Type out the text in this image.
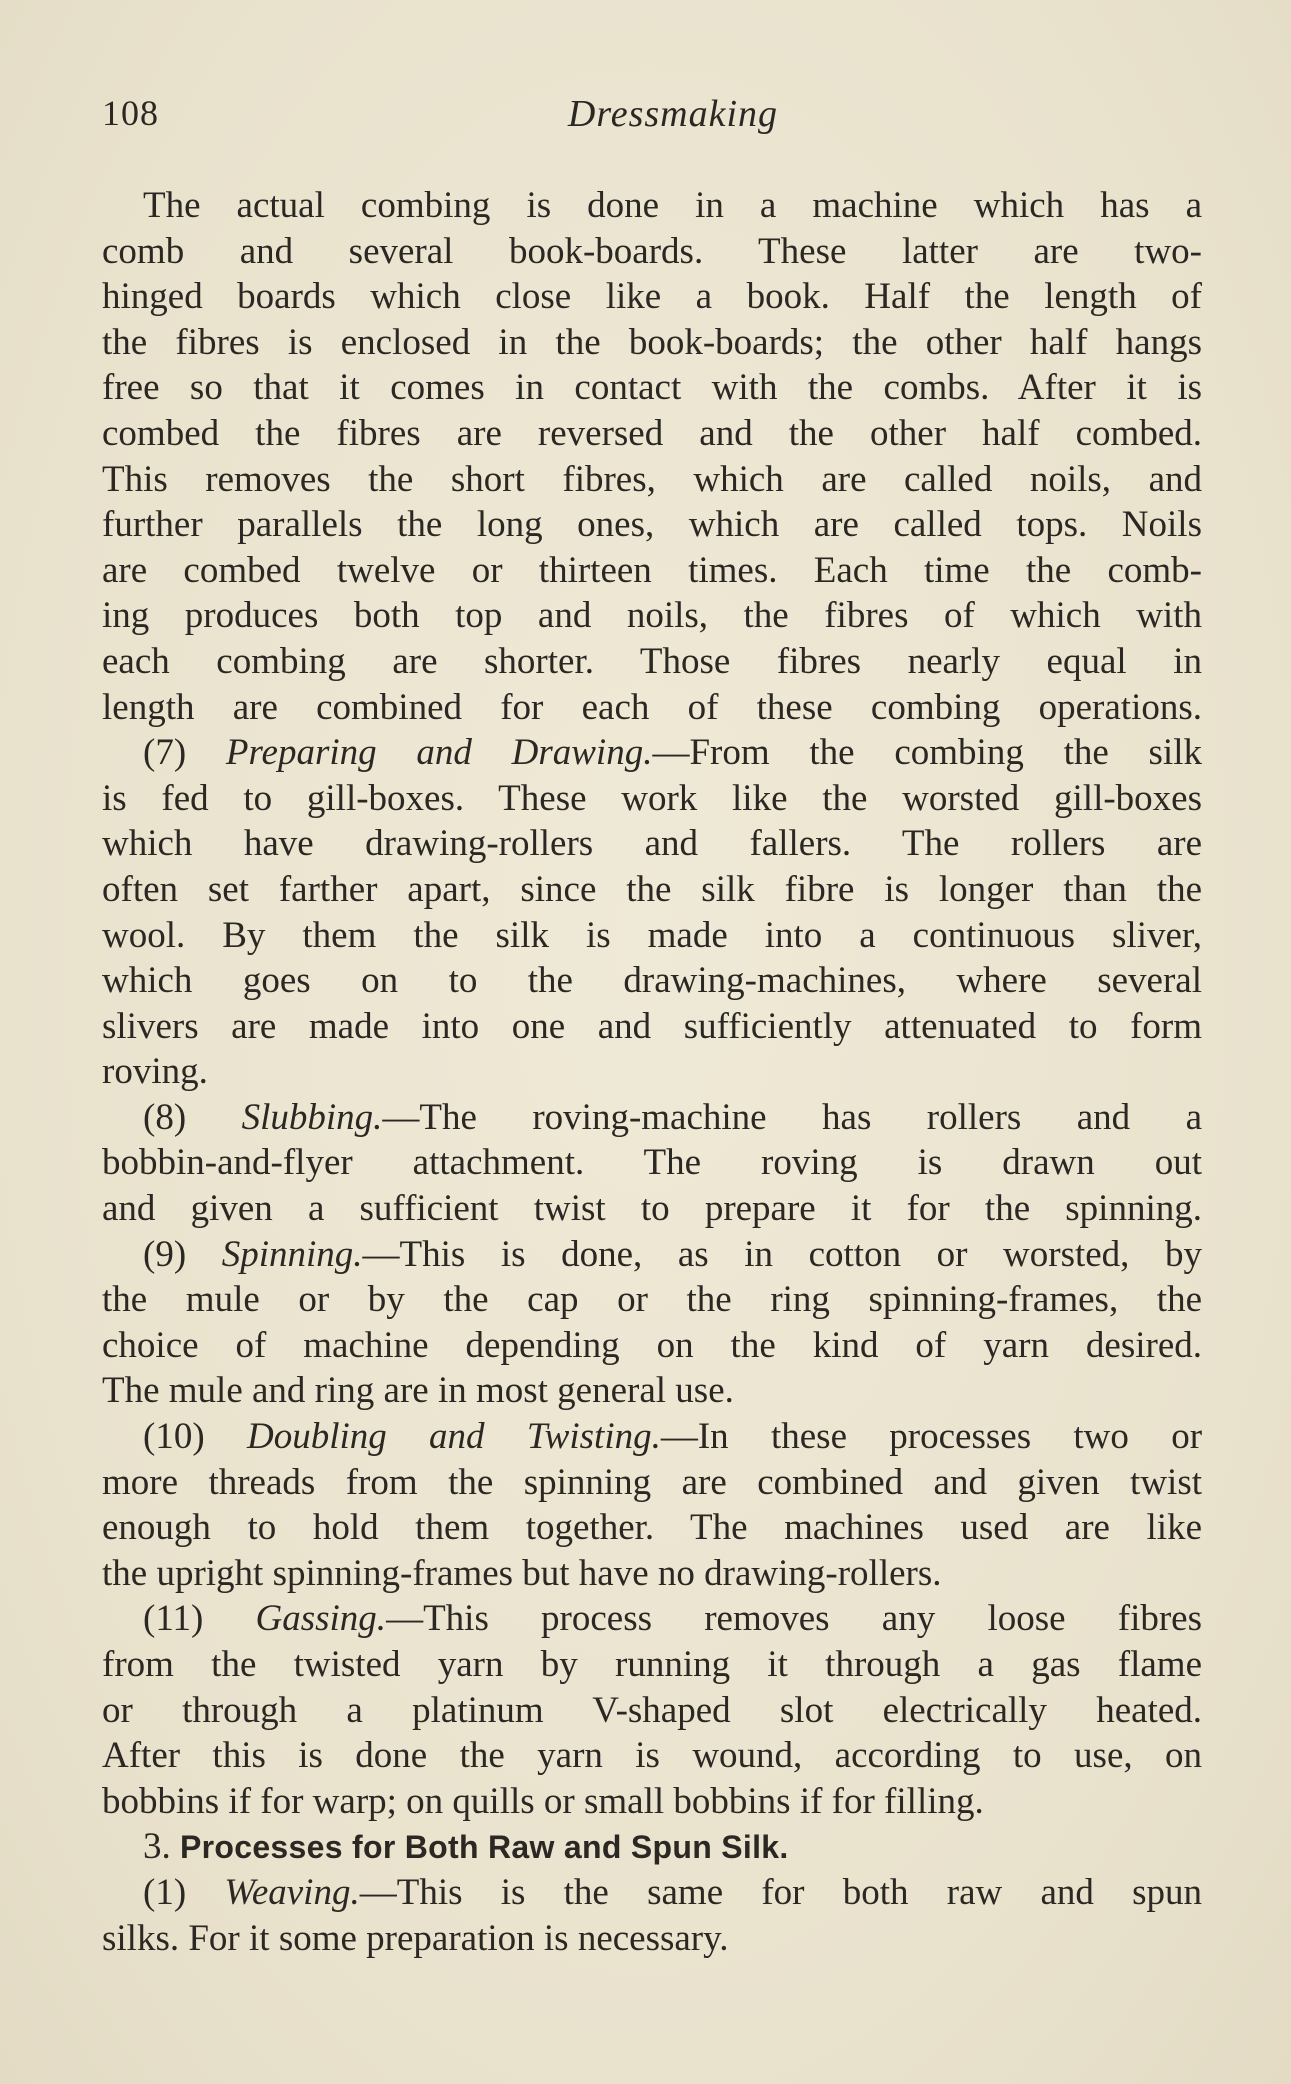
108	Dressmaking
The actual combing is done in a machine which has a
comb and several book-boards. These latter are two-
hinged boards which close like a book. Half the length of
the fibres is enclosed in the book-boards; the other half hangs
free so that it comes in contact with the combs. After it is
combed the fibres are reversed and the other half combed.
This removes the short fibres, which are called noils, and
further parallels the long ones, which are called tops. Noils
are combed twelve or thirteen times. Each time the comb-
ing produces both top and noils, the fibres of which with
each combing are shorter. Those fibres nearly equal in
length are combined for each of these combing operations.
(7) Preparing and Drawing.—From the combing the silk
is fed to gill-boxes. These work like the worsted gill-boxes
which have drawing-rollers and fallers. The rollers are
often set farther apart, since the silk fibre is longer than the
wool. By them the silk is made into a continuous sliver,
which goes on to the drawing-machines, where several
slivers are made into one and sufficiently attenuated to form
roving.
(8) Slubbing.—The roving-machine has rollers and a
bobbin-and-flyer attachment. The roving is drawn out
and given a sufficient twist to prepare it for the spinning.
(9) Spinning.—This is done, as in cotton or worsted, by
the mule or by the cap or the ring spinning-frames, the
choice of machine depending on the kind of yarn desired.
The mule and ring are in most general use.
(10) Doubling and Twisting.—In these processes two or
more threads from the spinning are combined and given twist
enough to hold them together. The machines used are like
the upright spinning-frames but have no drawing-rollers.
(11) Gassing.—This process removes any loose fibres
from the twisted yarn by running it through a gas flame
or through a platinum V-shaped slot electrically heated.
After this is done the yarn is wound, according to use, on
bobbins if for warp; on quills or small bobbins if for filling.
3. Processes for Both Raw and Spun Silk.
(1) Weaving.—This is the same for both raw and spun
silks. For it some preparation is necessary.
